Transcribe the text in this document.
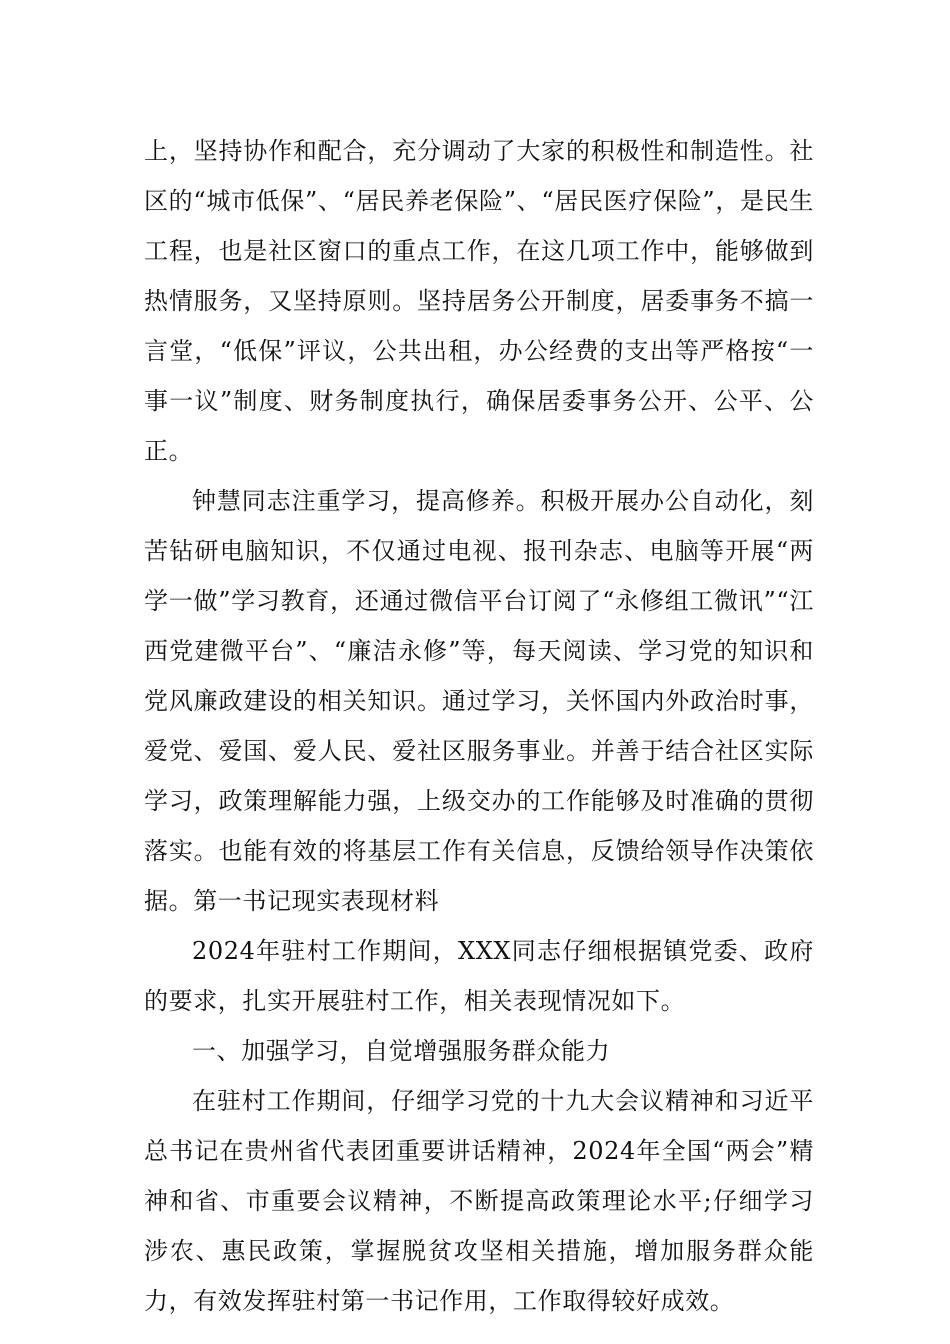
上，坚持协作和配合，充分调动了大家的积极性和制造性。社区的“城市低保”、“居民养老保险”、“居民医疗保险”，是民生工程，也是社区窗口的重点工作，在这几项工作中，能够做到热情服务，又坚持原则。坚持居务公开制度，居委事务不搞一言堂，“低保”评议，公共出租，办公经费的支出等严格按“一事一议”制度、财务制度执行，确保居委事务公开、公平、公正。

钟慧同志注重学习，提高修养。积极开展办公自动化，刻苦钻研电脑知识，不仅通过电视、报刊杂志、电脑等开展“两学一做”学习教育，还通过微信平台订阅了“永修组工微讯”“江西党建微平台”、“廉洁永修”等，每天阅读、学习党的知识和党风廉政建设的相关知识。通过学习，关怀国内外政治时事，爱党、爱国、爱人民、爱社区服务事业。并善于结合社区实际学习，政策理解能力强，上级交办的工作能够及时准确的贯彻落实。也能有效的将基层工作有关信息，反馈给领导作决策依据。第一书记现实表现材料

2024年驻村工作期间，XXX同志仔细根据镇党委、政府的要求，扎实开展驻村工作，相关表现情况如下。

一、加强学习，自觉增强服务群众能力

在驻村工作期间，仔细学习党的十九大会议精神和习近平总书记在贵州省代表团重要讲话精神，2024年全国“两会”精神和省、市重要会议精神，不断提高政策理论水平;仔细学习涉农、惠民政策，掌握脱贫攻坚相关措施，增加服务群众能力，有效发挥驻村第一书记作用，工作取得较好成效。
